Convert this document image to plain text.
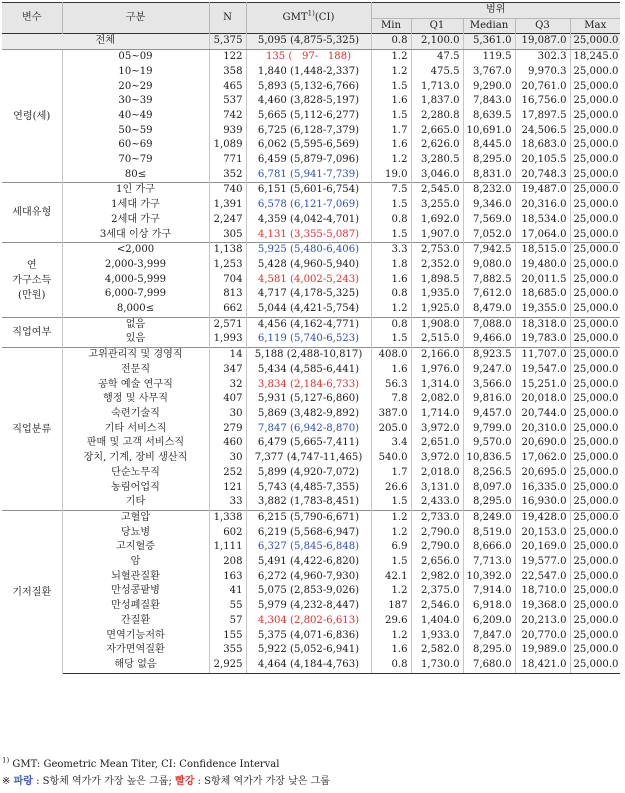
변수	구분	N	GMT$^{1)}$(CI)	범위				
				Min	Q1	Median	Q3	Max
전체		5,375	5,095 (4,875-5,325)	0.8	2,100.0	5,361.0	19,087.0	25,000.0
연령(세)	05~09	122	135 (   97-   188)	1.2	47.5	119.5	302.3	18,245.0
	10~19	358	1,840 (1,448-2,337)	1.2	475.5	3,767.0	9,970.3	25,000.0
	20~29	465	5,893 (5,132-6,766)	1.5	1,713.0	9,290.0	20,761.0	25,000.0
	30~39	537	4,460 (3,828-5,197)	1.6	1,837.0	7,843.0	16,756.0	25,000.0
	40~49	742	5,665 (5,112-6,277)	1.5	2,280.8	8,639.5	17,897.5	25,000.0
	50~59	939	6,725 (6,128-7,379)	1.7	2,665.0	10,691.0	24,506.5	25,000.0
	60~69	1,089	6,062 (5,595-6,569)	1.6	2,626.0	8,445.0	18,683.0	25,000.0
	70~79	771	6,459 (5,879-7,096)	1.2	3,280.5	8,295.0	20,105.5	25,000.0
	80≤	352	6,781 (5,941-7,739)	19.0	3,046.0	8,831.0	20,748.3	25,000.0
세대유형	1인 가구	740	6,151 (5,601-6,754)	7.5	2,545.0	8,232.0	19,487.0	25,000.0
	1세대 가구	1,391	6,578 (6,121-7,069)	1.5	3,255.0	9,346.0	20,316.0	25,000.0
	2세대 가구	2,247	4,359 (4,042-4,701)	0.8	1,692.0	7,569.0	18,534.0	25,000.0
	3세대 이상 가구	305	4,131 (3,355-5,087)	1.5	1,907.0	7,052.0	17,064.0	25,000.0
연
가구소득
(만원)	<2,000	1,138	5,925 (5,480-6,406)	3.3	2,753.0	7,942.5	18,515.0	25,000.0
	2,000-3,999	1,253	5,428 (4,960-5,940)	1.8	2,352.0	9,080.0	19,480.0	25,000.0
	4,000-5,999	704	4,581 (4,002-5,243)	1.6	1,898.5	7,882.5	20,011.5	25,000.0
	6,000-7,999	813	4,717 (4,178-5,325)	0.8	1,935.0	7,612.0	18,685.0	25,000.0
	8,000≤	662	5,044 (4,421-5,754)	1.2	1,925.0	8,479.0	19,355.0	25,000.0
직업여부	없음	2,571	4,456 (4,162-4,771)	0.8	1,908.0	7,088.0	18,318.0	25,000.0
	있음	1,993	6,119 (5,740-6,523)	1.5	2,515.0	9,466.0	19,783.0	25,000.0
직업분류	고위관리직 및 경영직	14	5,188 (2,488-10,817)	408.0	2,166.0	8,923.5	11,707.0	25,000.0
	전문직	347	5,434 (4,585-6,441)	1.6	1,976.0	9,247.0	19,547.0	25,000.0
	공학 예술 연구직	32	3,834 (2,184-6,733)	56.3	1,314.0	3,566.0	15,251.0	25,000.0
	행정 및 사무직	407	5,931 (5,127-6,860)	7.8	2,082.0	9,816.0	20,018.0	25,000.0
	숙련기술직	30	5,869 (3,482-9,892)	387.0	1,714.0	9,457.0	20,744.0	25,000.0
	기타 서비스직	279	7,847 (6,942-8,870)	205.0	3,972.0	9,799.0	20,310.0	25,000.0
	판매 및 고객 서비스직	460	6,479 (5,665-7,411)	3.4	2,651.0	9,570.0	20,690.0	25,000.0
	장치, 기계, 장비 생산직	30	7,377 (4,747-11,465)	540.0	3,972.0	10,836.5	17,062.0	25,000.0
	단순노무직	252	5,899 (4,920-7,072)	1.7	2,018.0	8,256.5	20,695.0	25,000.0
	농림어업직	121	5,743 (4,485-7,355)	26.6	3,131.0	8,097.0	16,335.0	25,000.0
	기타	33	3,882 (1,783-8,451)	1.5	2,433.0	8,295.0	16,930.0	25,000.0
기저질환	고혈압	1,338	6,215 (5,790-6,671)	1.2	2,733.0	8,249.0	19,428.0	25,000.0
	당뇨병	602	6,219 (5,568-6,947)	1.2	2,790.0	8,519.0	20,153.0	25,000.0
	고지혈증	1,111	6,327 (5,845-6,848)	6.9	2,790.0	8,666.0	20,169.0	25,000.0
	암	208	5,491 (4,422-6,820)	1.5	2,656.0	7,713.0	19,577.0	25,000.0
	뇌혈관질환	163	6,272 (4,960-7,930)	42.1	2,982.0	10,392.0	22,547.0	25,000.0
	만성콩팥병	41	5,075 (2,853-9,026)	1.2	2,375.0	7,914.0	18,710.0	25,000.0
	만성폐질환	55	5,979 (4,232-8,447)	187	2,546.0	6,918.0	19,368.0	25,000.0
	간질환	57	4,304 (2,802-6,613)	29.6	1,404.0	6,209.0	20,213.0	25,000.0
	면역기능저하	155	5,375 (4,071-6,836)	1.2	1,933.0	7,847.0	20,770.0	25,000.0
	자가면역질환	355	5,922 (5,052-6,941)	1.6	2,582.0	8,295.0	19,989.0	25,000.0
	해당 없음	2,925	4,464 (4,184-4,763)	0.8	1,730.0	7,680.0	18,421.0	25,000.0
$^{1)}$ GMT: Geometric Mean Titer, CI: Confidence Interval
※ 파랑 : S항체 역가가 가장 높은 그룹; 빨강 : S항체 역가가 가장 낮은 그룹
